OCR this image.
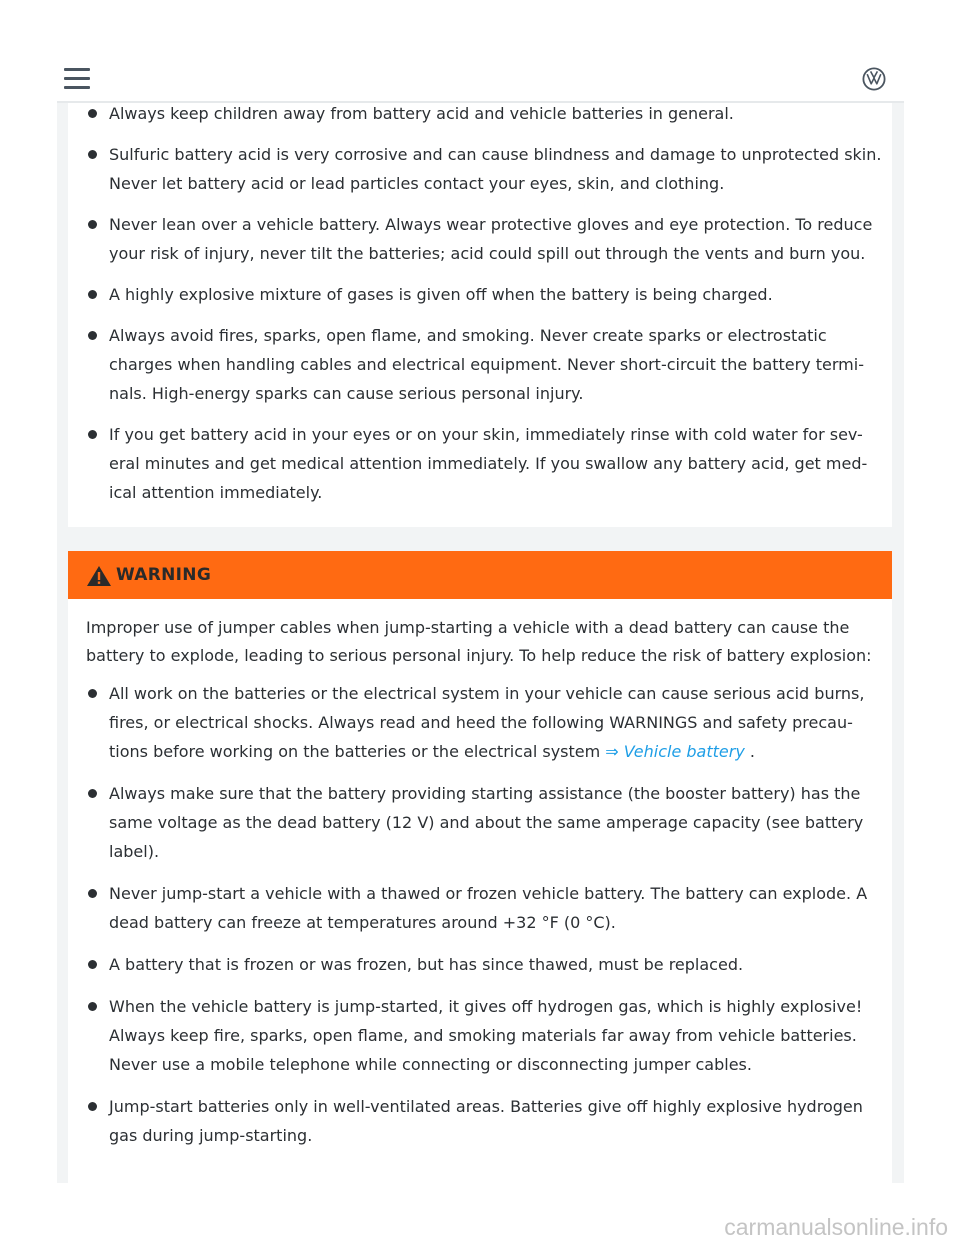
Always keep children away from battery acid and vehicle batteries in general.
Sulfuric battery acid is very corrosive and can cause blindness and damage to unprotected skin. Never let battery acid or lead particles contact your eyes, skin, and clothing.
Never lean over a vehicle battery. Always wear protective gloves and eye protection. To reduce your risk of injury, never tilt the batteries; acid could spill out through the vents and burn you.
A highly explosive mixture of gases is given off when the battery is being charged.
Always avoid fires, sparks, open flame, and smoking. Never create sparks or electrostatic charges when handling cables and electrical equipment. Never short-circuit the battery termi-nals. High-energy sparks can cause serious personal injury.
If you get battery acid in your eyes or on your skin, immediately rinse with cold water for sev-eral minutes and get medical attention immediately. If you swallow any battery acid, get med-ical attention immediately.
WARNING

Improper use of jumper cables when jump-starting a vehicle with a dead battery can cause the battery to explode, leading to serious personal injury. To help reduce the risk of battery explosion:

All work on the batteries or the electrical system in your vehicle can cause serious acid burns, fires, or electrical shocks. Always read and heed the following WARNINGS and safety precau-tions before working on the batteries or the electrical system ⇒ Vehicle battery .
Always make sure that the battery providing starting assistance (the booster battery) has the same voltage as the dead battery (12 V) and about the same amperage capacity (see battery label).
Never jump-start a vehicle with a thawed or frozen vehicle battery. The battery can explode. A dead battery can freeze at temperatures around +32 °F (0 °C).
A battery that is frozen or was frozen, but has since thawed, must be replaced.
When the vehicle battery is jump-started, it gives off hydrogen gas, which is highly explosive! Always keep fire, sparks, open flame, and smoking materials far away from vehicle batteries. Never use a mobile telephone while connecting or disconnecting jumper cables.
Jump-start batteries only in well-ventilated areas. Batteries give off highly explosive hydrogen gas during jump-starting.
carmanualsonline.info
